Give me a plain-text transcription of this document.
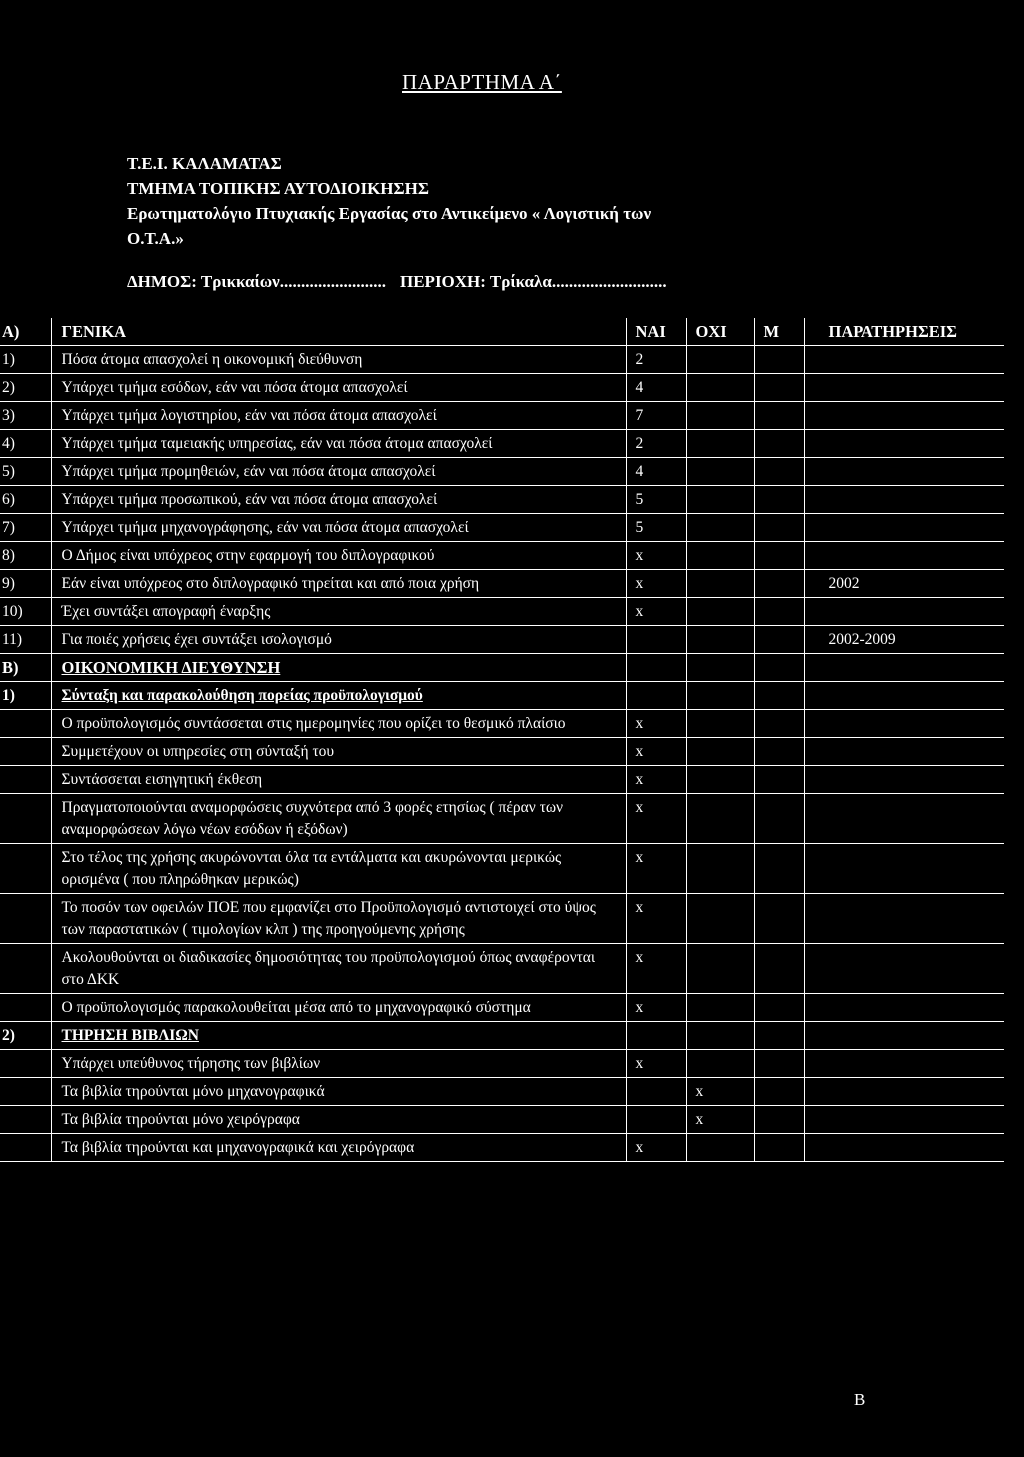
ΠΑΡΑΡΤΗΜΑ Α΄
Τ.Ε.Ι. ΚΑΛΑΜΑΤΑΣ
ΤΜΗΜΑ ΤΟΠΙΚΗΣ ΑΥΤΟΔΙΟΙΚΗΣΗΣ
Ερωτηματολόγιο Πτυχιακής Εργασίας στο Αντικείμενο « Λογιστική των
Ο.Τ.Α.»
ΔΗΜΟΣ: Τρικκαίων......................... ΠΕΡΙΟΧΗ: Τρίκαλα...........................
Α)	ΓΕΝΙΚΑ	ΝΑΙ	ΟΧΙ	Μ	ΠΑΡΑΤΗΡΗΣΕΙΣ
1)	Πόσα άτομα απασχολεί η οικονομική διεύθυνση	2			
2)	Υπάρχει τμήμα εσόδων, εάν ναι πόσα άτομα απασχολεί	4			
3)	Υπάρχει τμήμα λογιστηρίου, εάν ναι πόσα άτομα απασχολεί	7			
4)	Υπάρχει τμήμα ταμειακής υπηρεσίας, εάν ναι πόσα άτομα απασχολεί	2			
5)	Υπάρχει τμήμα προμηθειών, εάν ναι πόσα άτομα απασχολεί	4			
6)	Υπάρχει τμήμα προσωπικού, εάν ναι πόσα άτομα απασχολεί	5			
7)	Υπάρχει τμήμα μηχανογράφησης, εάν ναι πόσα άτομα απασχολεί	5			
8)	Ο Δήμος είναι υπόχρεος στην εφαρμογή του διπλογραφικού	x			
9)	Εάν είναι υπόχρεος στο διπλογραφικό τηρείται και από ποια χρήση	x			2002
10)	Έχει συντάξει απογραφή έναρξης	x			
11)	Για ποιές χρήσεις έχει συντάξει ισολογισμό				2002-2009
Β)	ΟΙΚΟΝΟΜΙΚΗ ΔΙΕΥΘΥΝΣΗ				
1)	Σύνταξη και παρακολούθηση πορείας προϋπολογισμού				
	Ο προϋπολογισμός συντάσσεται στις ημερομηνίες που ορίζει το θεσμικό πλαίσιο	x			
	Συμμετέχουν οι υπηρεσίες στη σύνταξή του	x			
	Συντάσσεται εισηγητική έκθεση	x			
	Πραγματοποιούνται αναμορφώσεις συχνότερα από 3 φορές ετησίως ( πέραν των αναμορφώσεων λόγω νέων εσόδων ή εξόδων)	x			
	Στο τέλος της χρήσης ακυρώνονται όλα τα εντάλματα και ακυρώνονται μερικώς ορισμένα ( που πληρώθηκαν μερικώς)	x			
	Το ποσόν των οφειλών ΠΟΕ που εμφανίζει στο Προϋπολογισμό αντιστοιχεί στο ύψος των παραστατικών ( τιμολογίων κλπ ) της προηγούμενης χρήσης	x			
	Ακολουθούνται οι διαδικασίες δημοσιότητας του προϋπολογισμού όπως αναφέρονται στο ΔΚΚ	x			
	Ο προϋπολογισμός παρακολουθείται μέσα από το μηχανογραφικό σύστημα	x			
2)	ΤΗΡΗΣΗ ΒΙΒΛΙΩΝ				
	Υπάρχει υπεύθυνος τήρησης των βιβλίων	x			
	Τα βιβλία τηρούνται μόνο μηχανογραφικά		x		
	Τα βιβλία τηρούνται μόνο χειρόγραφα		x		
	Τα βιβλία τηρούνται και μηχανογραφικά και χειρόγραφα	x			
Β
